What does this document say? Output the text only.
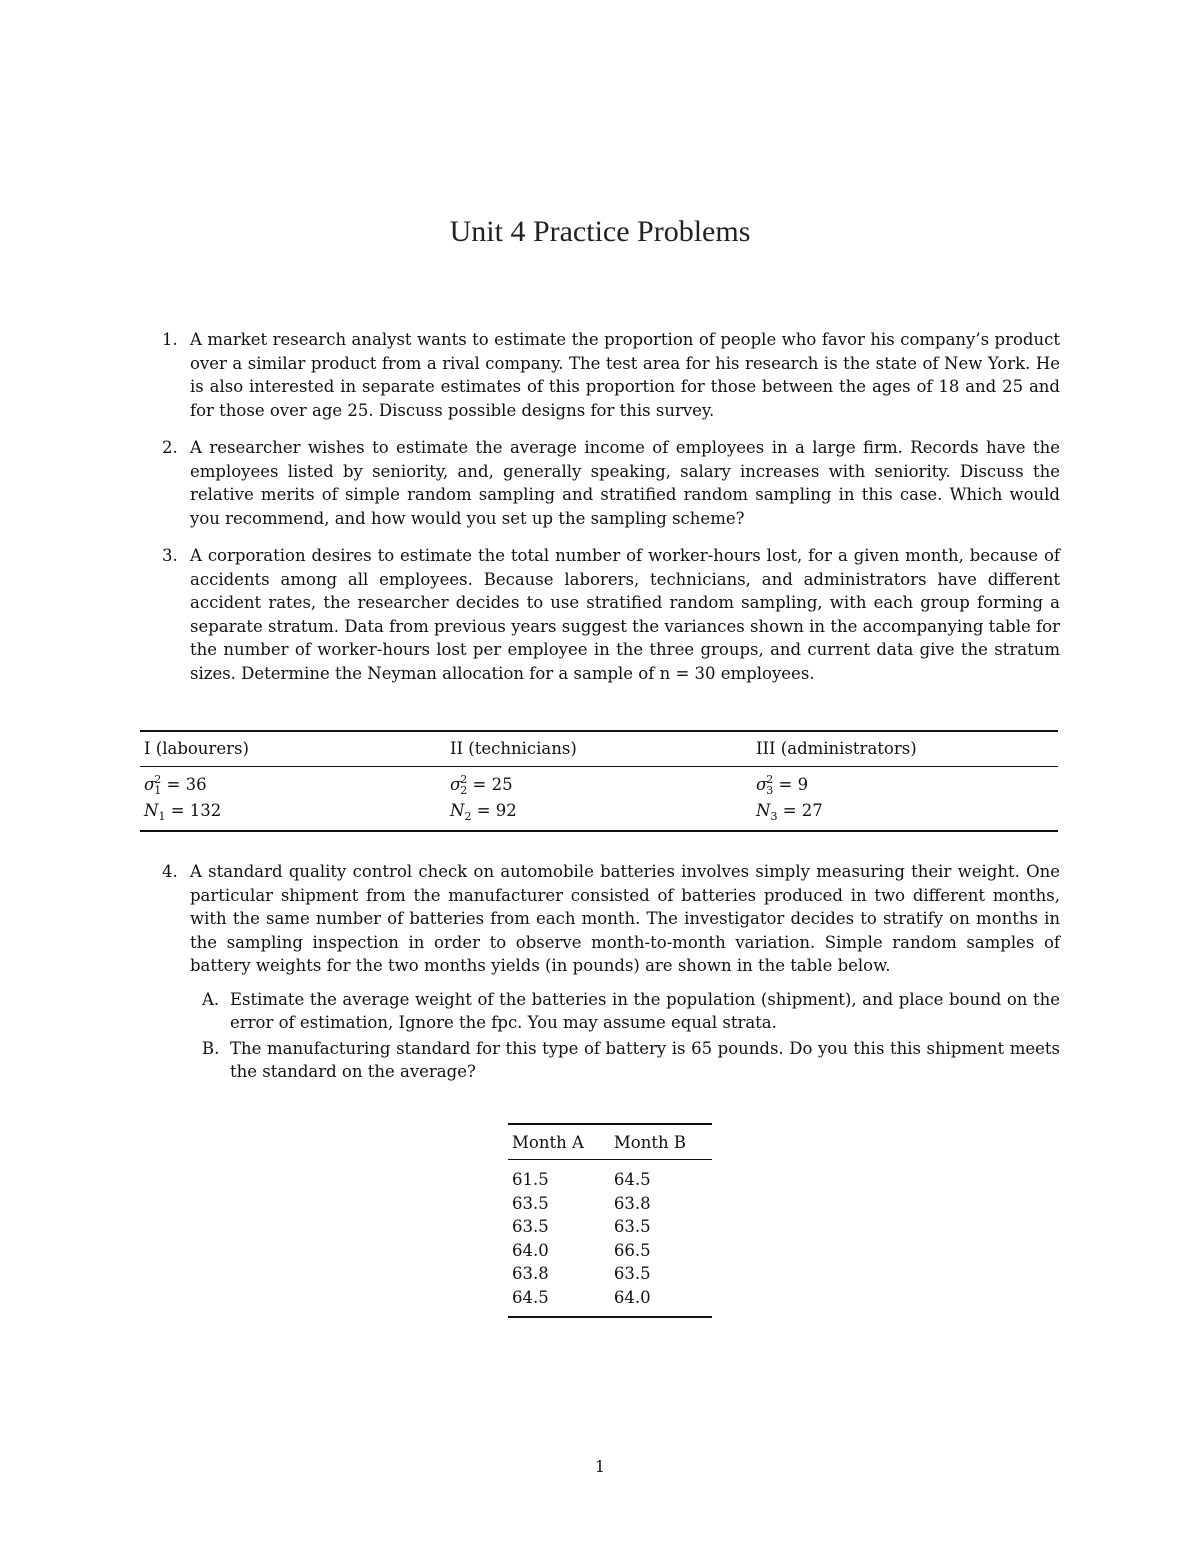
Unit 4 Practice Problems
1. A market research analyst wants to estimate the proportion of people who favor his company’s product over a similar product from a rival company. The test area for his research is the state of New York. He is also interested in separate estimates of this proportion for those between the ages of 18 and 25 and for those over age 25. Discuss possible designs for this survey.
2. A researcher wishes to estimate the average income of employees in a large firm. Records have the employees listed by seniority, and, generally speaking, salary increases with seniority. Discuss the relative merits of simple random sampling and stratified random sampling in this case. Which would you recommend, and how would you set up the sampling scheme?
3. A corporation desires to estimate the total number of worker-hours lost, for a given month, because of accidents among all employees. Because laborers, technicians, and administrators have different accident rates, the researcher decides to use stratified random sampling, with each group forming a separate stratum. Data from previous years suggest the variances shown in the accompanying table for the number of worker-hours lost per employee in the three groups, and current data give the stratum sizes. Determine the Neyman allocation for a sample of n = 30 employees.
I (labourers)	II (technicians)	III (administrators)
$\sigma^2_1 = 36$	$\sigma^2_2 = 25$	$\sigma^2_3 = 9$
$N_1 = 132$	$N_2 = 92$	$N_3 = 27$
4. A standard quality control check on automobile batteries involves simply measuring their weight. One particular shipment from the manufacturer consisted of batteries produced in two different months, with the same number of batteries from each month. The investigator decides to stratify on months in the sampling inspection in order to observe month-to-month variation. Simple random samples of battery weights for the two months yields (in pounds) are shown in the table below.
A. Estimate the average weight of the batteries in the population (shipment), and place bound on the error of estimation, Ignore the fpc. You may assume equal strata.
B. The manufacturing standard for this type of battery is 65 pounds. Do you this this shipment meets the standard on the average?
Month A	Month B
61.5	64.5
63.5	63.8
63.5	63.5
64.0	66.5
63.8	63.5
64.5	64.0
1
